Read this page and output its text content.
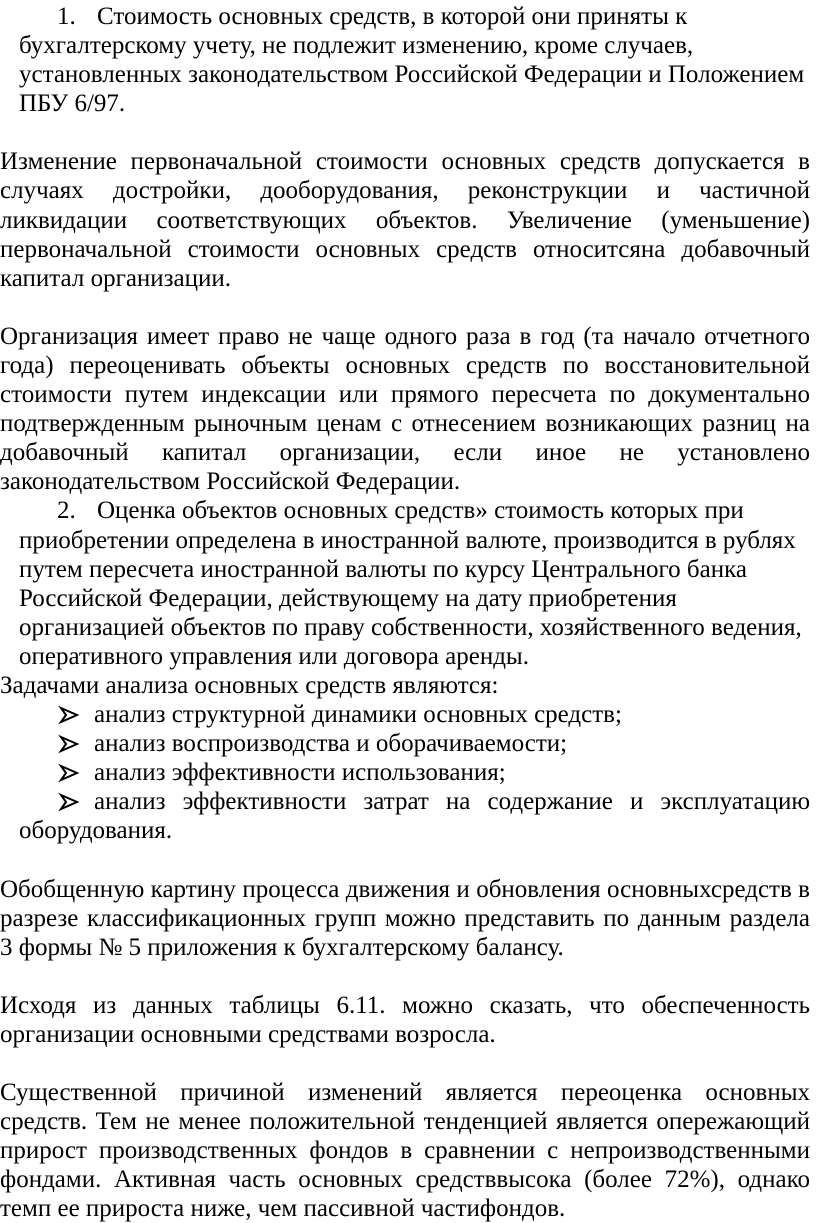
1. Стоимость основных средств, в которой они приняты к бухгалтерскому учету, не подлежит изменению, кроме случаев, установленных законодательством Российской Федерации и Положением ПБУ 6/97.

Изменение первоначальной стоимости основных средств допускается в случаях достройки, дооборудования, реконструкции и частичной ликвидации соответствующих объектов. Увеличение (уменьшение) первоначальной стоимости основных средств относитсяна добавочный капитал организации.

Организация имеет право не чаще одного раза в год (та начало отчетного года) переоценивать объекты основных средств по восстановительной стоимости путем индексации или прямого пересчета по документально подтвержденным рыночным ценам с отнесением возникающих разниц на добавочный капитал организации, если иное не установлено законодательством Российской Федерации.

2. Оценка объектов основных средств» стоимость которых при приобретении определена в иностранной валюте, производится в рублях путем пересчета иностранной валюты по курсу Центрального банка Российской Федерации, действующему на дату приобретения организацией объектов по праву собственности, хозяйственного ведения, оперативного управления или договора аренды.

Задачами анализа основных средств являются:

анализ структурной динамики основных средств;

анализ воспроизводства и оборачиваемости;

анализ эффективности использования;

анализ эффективности затрат на содержание и эксплуатацию оборудования.

Обобщенную картину процесса движения и обновления основныхсредств в разрезе классификационных групп можно представить по данным раздела 3 формы № 5 приложения к бухгалтерскому балансу.

Исходя из данных таблицы 6.11. можно сказать, что обеспеченность организации основными средствами возросла.

Существенной причиной изменений является переоценка основных средств. Тем не менее положительной тенденцией является опережающий прирост производственных фондов в сравнении с непроизводственными фондами. Активная часть основных средстввысока (более 72%), однако темп ее прироста ниже, чем пассивной частифондов.
